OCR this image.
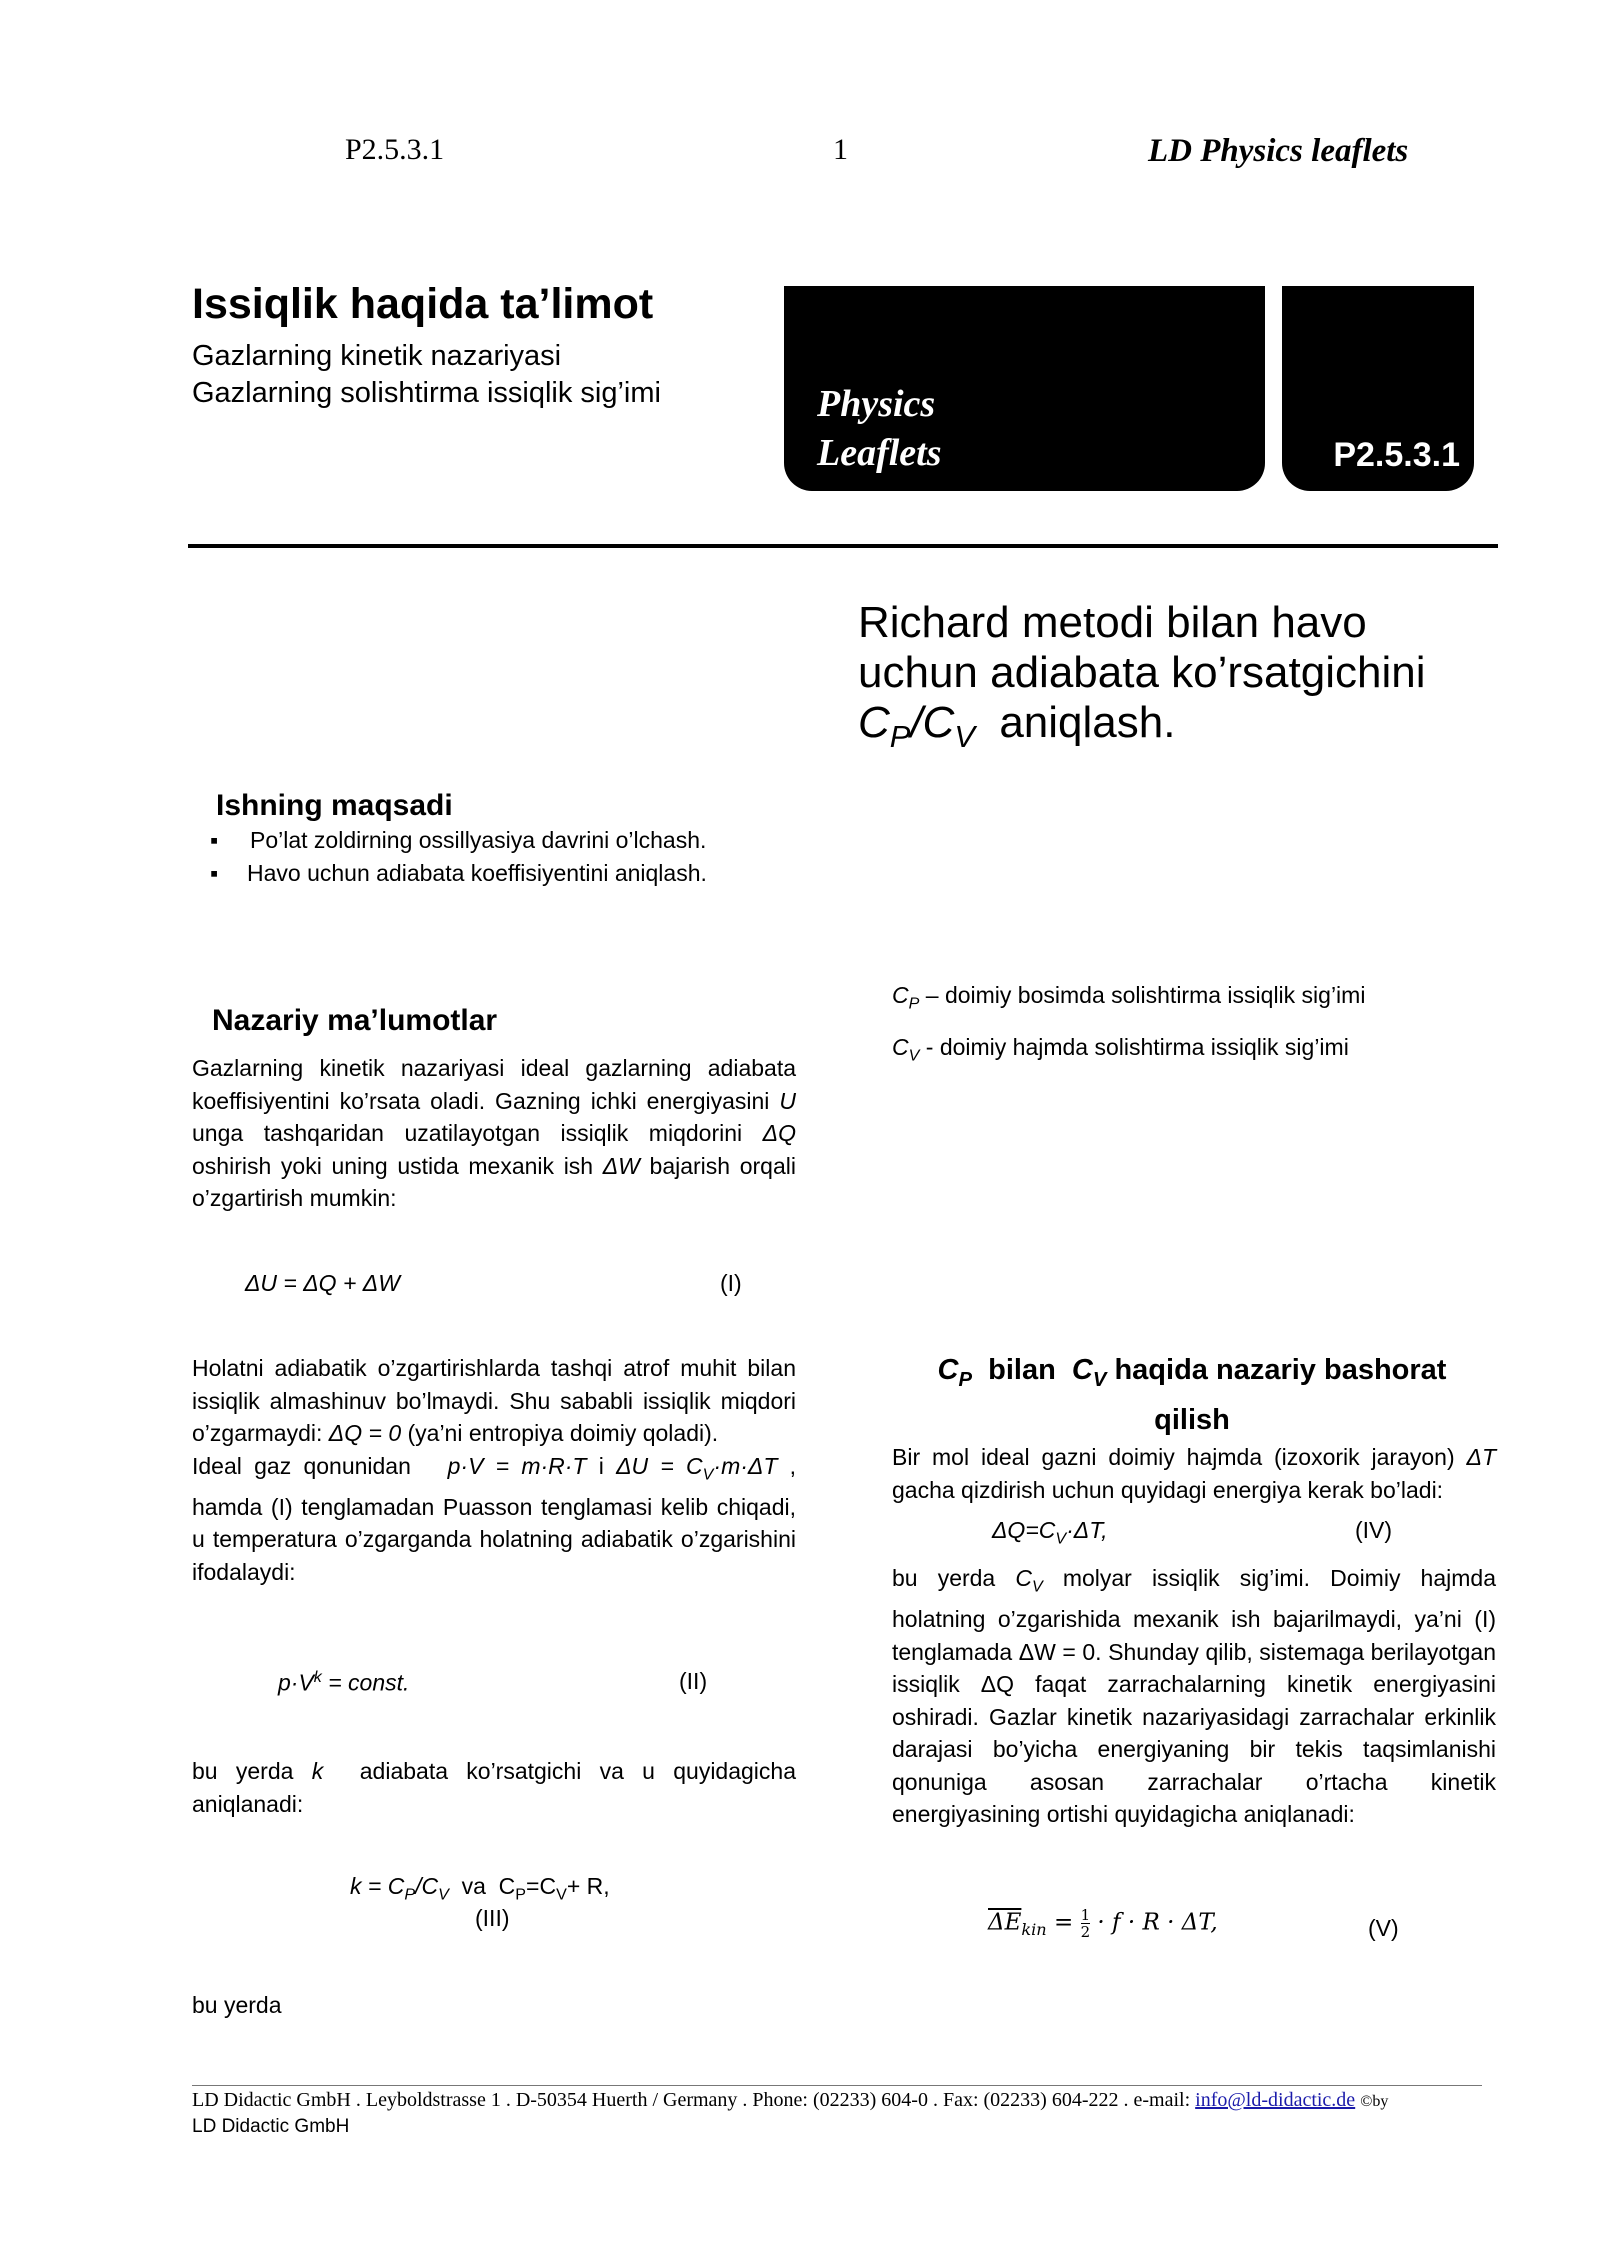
P2.5.3.1	1	LD Physics leaflets
Issiqlik haqida ta’limot
Gazlarning kinetik nazariyasi
Gazlarning solishtirma issiqlik sig’imi	Physics
Leaflets	P2.5.3.1
Richard metodi bilan havo
uchun adiabata ko’rsatgichini
$C_P/C_V$ aniqlash.
Ishning maqsadi
▪ Po’lat zoldirning ossillyasiya davrini o’lchash.
▪ Havo uchun adiabata koeffisiyentini aniqlash.
Nazariy ma’lumotlar
Gazlarning kinetik nazariyasi ideal gazlarning adiabata koeffisiyentini ko’rsata oladi. Gazning ichki energiyasini U unga tashqaridan uzatilayotgan issiqlik miqdorini ΔQ oshirish yoki uning ustida mexanik ish ΔW bajarish orqali o’zgartirish mumkin:
ΔU = ΔQ + ΔW	(I)
Holatni adiabatik o’zgartirishlarda tashqi atrof muhit bilan issiqlik almashinuv bo’lmaydi. Shu sababli issiqlik miqdori o’zgarmaydi: ΔQ = 0 (ya’ni entropiya doimiy qoladi).
Ideal gaz qonunidan   p·V = m·R·T i $\Delta U = C_V\cdot m\cdot\Delta T$ , hamda (I) tenglamadan Puasson tenglamasi kelib chiqadi, u temperatura o’zgarganda holatning adiabatik o’zgarishini ifodalaydi:
$p\cdot V^k$ = const.	(II)
bu yerda k  adiabata ko’rsatgichi va u quyidagicha aniqlanadi:
$k = C_P/C_V$  va  $C_P=C_V+ R$,
(III)
bu yerda
$C_P$ – doimiy bosimda solishtirma issiqlik sig’imi
$C_V$ - doimiy hajmda solishtirma issiqlik sig’imi
$C_P$ bilan $C_V$ haqida nazariy bashorat
qilish
Bir mol ideal gazni doimiy hajmda (izoxorik jarayon) ΔT gacha qizdirish uchun quyidagi energiya kerak bo’ladi:
$\Delta Q=C_V\cdot\Delta T$,	(IV)
bu yerda $C_V$ molyar issiqlik sig’imi. Doimiy hajmda holatning o’zgarishida mexanik ish bajarilmaydi, ya’ni (I) tenglamada ΔW = 0. Shunday qilib, sistemaga berilayotgan issiqlik ΔQ faqat zarrachalarning kinetik energiyasini oshiradi. Gazlar kinetik nazariyasidagi zarrachalar erkinlik darajasi bo’yicha energiyaning bir tekis taqsimlanishi qonuniga asosan zarrachalar o’rtacha kinetik energiyasining ortishi quyidagicha aniqlanadi:
$\overline{\Delta E}_{kin} = \frac{1}{2} \cdot f \cdot R \cdot \Delta T$,	(V)
LD Didactic GmbH . Leyboldstrasse 1 . D-50354 Huerth / Germany . Phone: (02233) 604-0 . Fax: (02233) 604-222 . e-mail: info@ld-didactic.de ©by
LD Didactic GmbH
